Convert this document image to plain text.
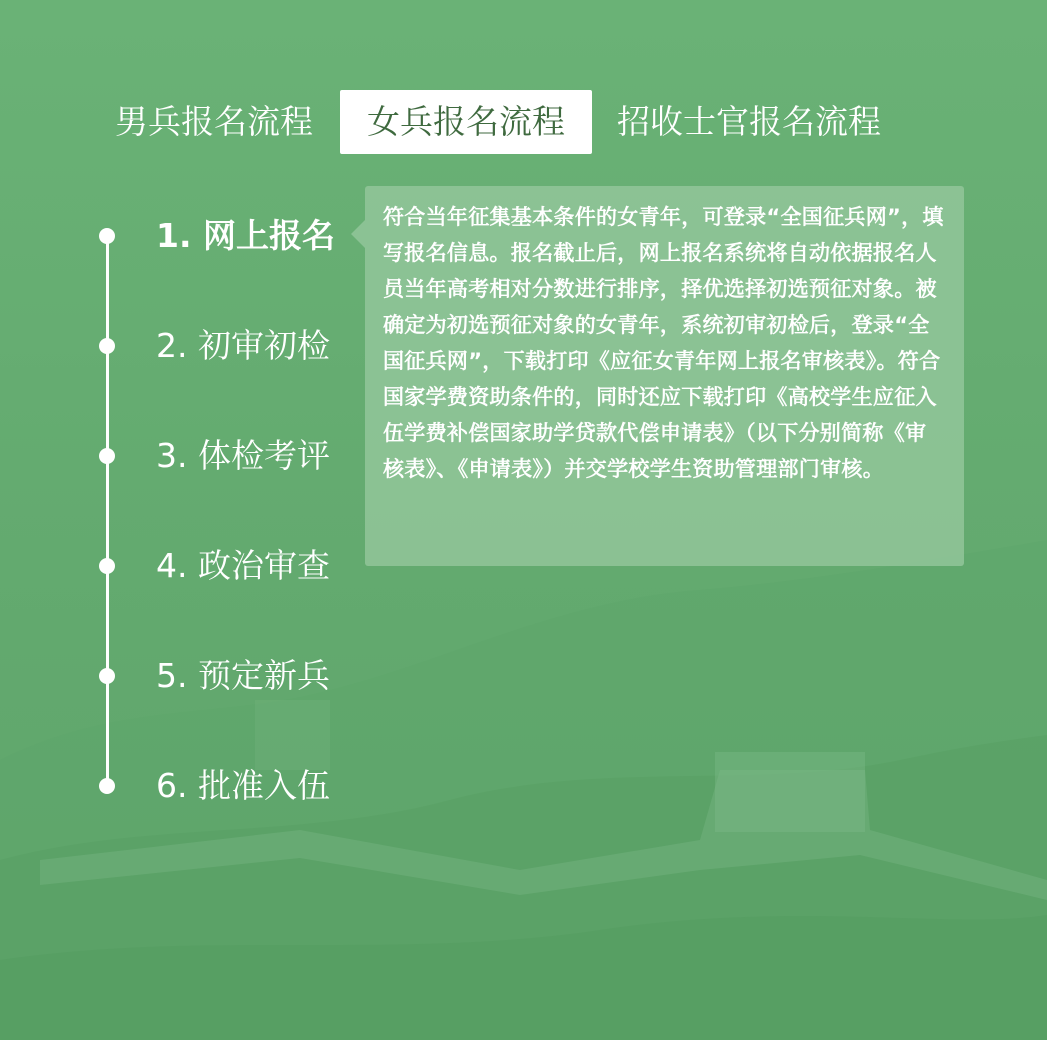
男兵报名流程	女兵报名流程	招收士官报名流程
1. 网上报名
2. 初审初检
3. 体检考评
4. 政治审查
5. 预定新兵
6. 批准入伍
符合当年征集基本条件的女青年，可登录“全国征兵网”，填写报名信息。报名截止后，网上报名系统将自动依据报名人员当年高考相对分数进行排序，择优选择初选预征对象。被确定为初选预征对象的女青年，系统初审初检后，登录“全国征兵网”，下载打印《应征女青年网上报名审核表》。符合国家学费资助条件的，同时还应下载打印《高校学生应征入伍学费补偿国家助学贷款代偿申请表》（以下分别简称《审核表》、《申请表》）并交学校学生资助管理部门审核。
